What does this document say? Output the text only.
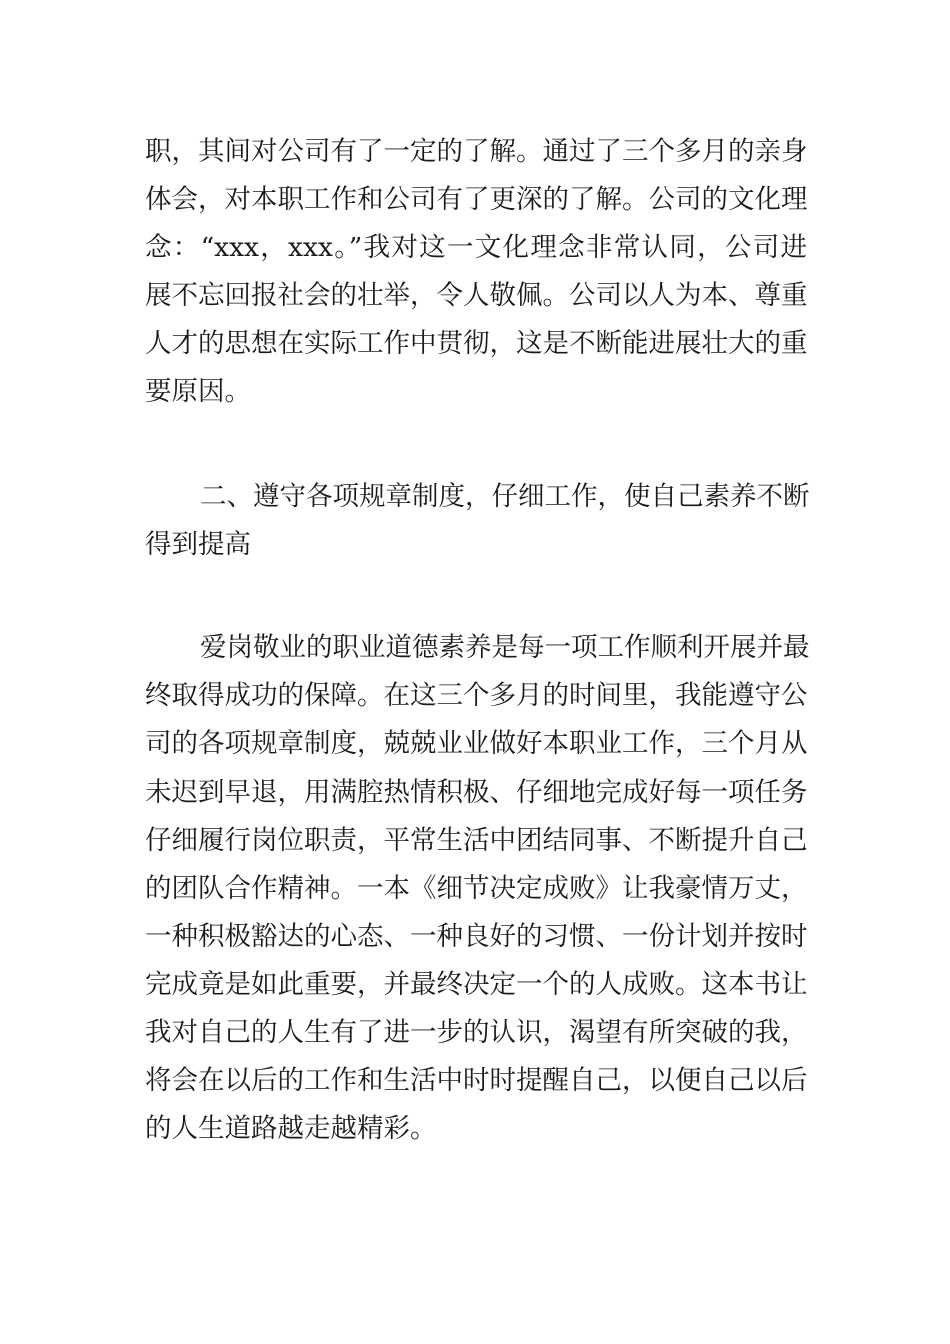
职，其间对公司有了一定的了解。通过了三个多月的亲身
体会，对本职工作和公司有了更深的了解。公司的文化理
念：“xxx，xxx。”我对这一文化理念非常认同，公司进
展不忘回报社会的壮举，令人敬佩。公司以人为本、尊重
人才的思想在实际工作中贯彻，这是不断能进展壮大的重
要原因。
二、遵守各项规章制度，仔细工作，使自己素养不断
得到提高
爱岗敬业的职业道德素养是每一项工作顺利开展并最
终取得成功的保障。在这三个多月的时间里，我能遵守公
司的各项规章制度，兢兢业业做好本职业工作，三个月从
未迟到早退，用满腔热情积极、仔细地完成好每一项任务
仔细履行岗位职责，平常生活中团结同事、不断提升自己
的团队合作精神。一本《细节决定成败》让我豪情万丈，
一种积极豁达的心态、一种良好的习惯、一份计划并按时
完成竟是如此重要，并最终决定一个的人成败。这本书让
我对自己的人生有了进一步的认识，渴望有所突破的我，
将会在以后的工作和生活中时时提醒自己，以便自己以后
的人生道路越走越精彩。
